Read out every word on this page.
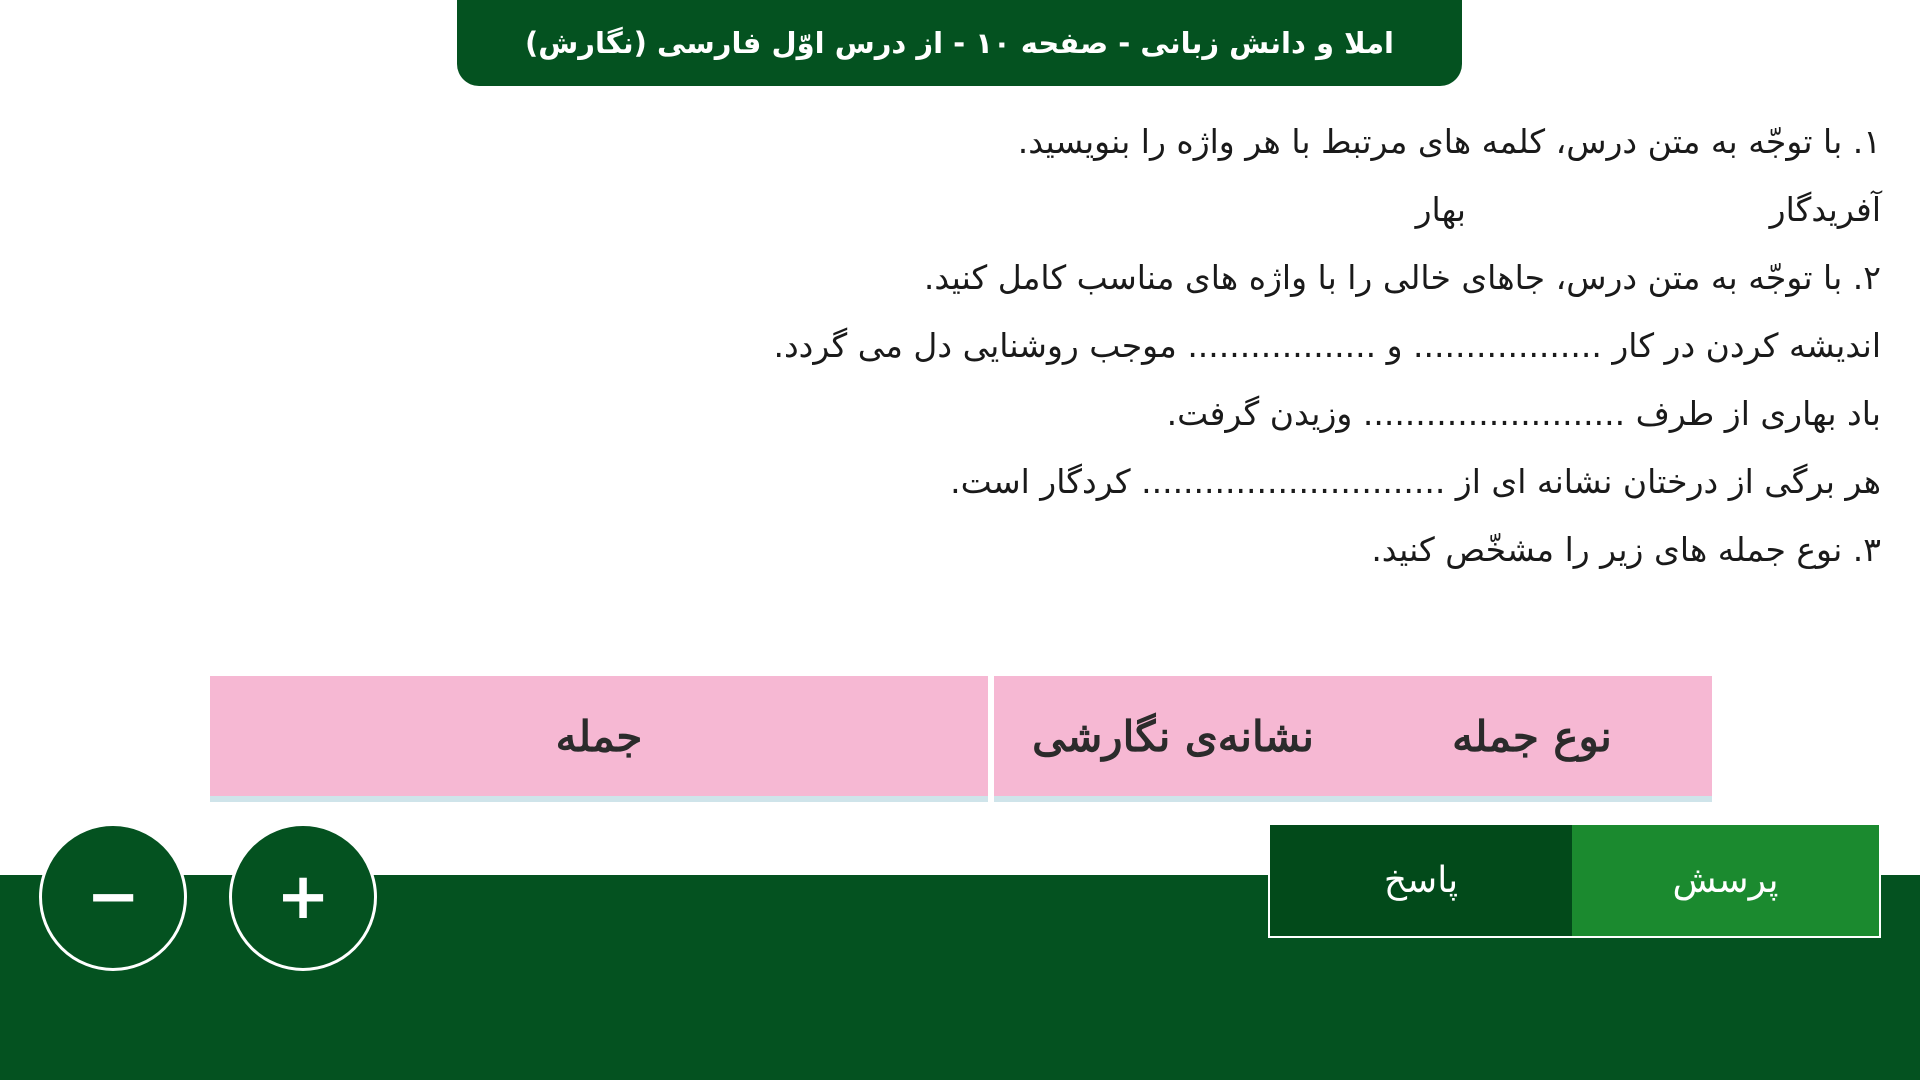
املا و دانش زبانی - صفحه ۱۰ - از درس اوّل فارسی (نگارش)
۱. با توجّه به متن درس، کلمه های مرتبط با هر واژه را بنویسید.
آفریدگار
بهار
۲. با توجّه به متن درس، جاهای خالی را با واژه های مناسب کامل کنید.
اندیشه کردن در کار .................. و .................. موجب روشنایی دل می گردد.
باد بهاری از طرف ......................... وزیدن گرفت.
هر برگی از درختان نشانه ای از ............................. کردگار است.
۳. نوع جمله های زیر را مشخّص کنید.
جمله	نشانه‌ی نگارشی	نوع جمله
− +	پاسخ	پرسش
